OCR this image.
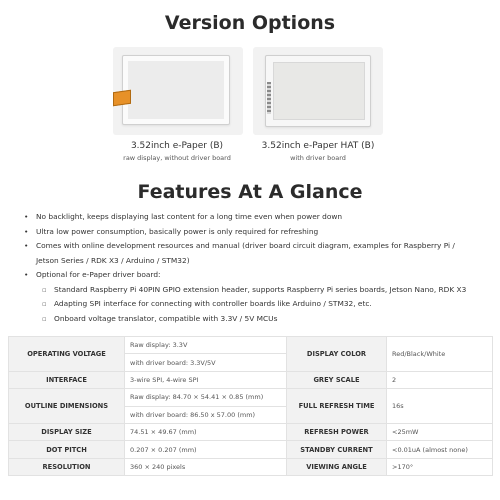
Version Options
3.52inch e-Paper (B)
raw display, without driver board
3.52inch e-Paper HAT (B)
with driver board
Features At A Glance
• No backlight, keeps displaying last content for a long time even when power down
• Ultra low power consumption, basically power is only required for refreshing
• Comes with online development resources and manual (driver board circuit diagram, examples for Raspberry Pi /
Jetson Series / RDK X3 / Arduino / STM32)
• Optional for e-Paper driver board:
▫ Standard Raspberry Pi 40PIN GPIO extension header, supports Raspberry Pi series boards, Jetson Nano, RDK X3
▫ Adapting SPI interface for connecting with controller boards like Arduino / STM32, etc.
▫ Onboard voltage translator, compatible with 3.3V / 5V MCUs
OPERATING VOLTAGE	Raw display: 3.3V	DISPLAY COLOR	Red/Black/White
	with driver board: 3.3V/5V		
INTERFACE	3-wire SPI, 4-wire SPI	GREY SCALE	2
OUTLINE DIMENSIONS	Raw display: 84.70 × 54.41 × 0.85 (mm)	FULL REFRESH TIME	16s
	with driver board: 86.50 x 57.00 (mm)		
DISPLAY SIZE	74.51 × 49.67 (mm)	REFRESH POWER	<25mW
DOT PITCH	0.207 × 0.207 (mm)	STANDBY CURRENT	<0.01uA (almost none)
RESOLUTION	360 × 240 pixels	VIEWING ANGLE	>170°
